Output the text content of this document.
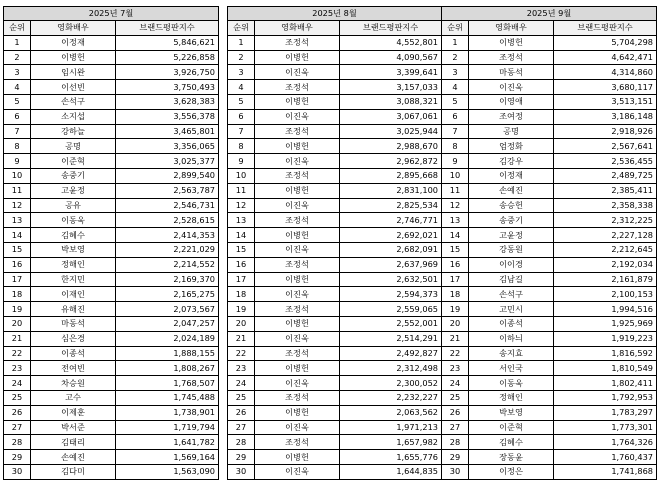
2025년 7월		
순위	영화배우	브랜드평판지수
1	이정재	5,846,621
2	이병헌	5,226,858
3	임시완	3,926,750
4	이선빈	3,750,493
5	손석구	3,628,383
6	소지섭	3,556,378
7	강하늘	3,465,801
8	공명	3,356,065
9	이준혁	3,025,377
10	송중기	2,899,540
11	고윤정	2,563,787
12	공유	2,546,731
13	이동욱	2,528,615
14	김혜수	2,414,353
15	박보영	2,221,029
16	정해인	2,214,552
17	한지민	2,169,370
18	이재인	2,165,275
19	유해진	2,073,567
20	마동석	2,047,257
21	심은경	2,024,189
22	이종석	1,888,155
23	전여빈	1,808,267
24	차승원	1,768,507
25	고수	1,745,488
26	이제훈	1,738,901
27	박서준	1,719,794
28	김태리	1,641,782
29	손예진	1,569,164
30	김다미	1,563,090
2025년 8월		
순위	영화배우	브랜드평판지수
1	조정석	4,552,801
2	이병헌	4,090,567
3	이진욱	3,399,641
4	조정석	3,157,033
5	이병헌	3,088,321
6	이진욱	3,067,061
7	조정석	3,025,944
8	이병헌	2,988,670
9	이진욱	2,962,872
10	조정석	2,895,668
11	이병헌	2,831,100
12	이진욱	2,825,534
13	조정석	2,746,771
14	이병헌	2,692,021
15	이진욱	2,682,091
16	조정석	2,637,969
17	이병헌	2,632,501
18	이진욱	2,594,373
19	조정석	2,559,065
20	이병헌	2,552,001
21	이진욱	2,514,291
22	조정석	2,492,827
23	이병헌	2,312,498
24	이진욱	2,300,052
25	조정석	2,232,227
26	이병헌	2,063,562
27	이진욱	1,971,213
28	조정석	1,657,982
29	이병헌	1,655,776
30	이진욱	1,644,835
2025년 9월		
순위	영화배우	브랜드평판지수
1	이병헌	5,704,298
2	조정석	4,642,471
3	마동석	4,314,860
4	이진욱	3,680,117
5	이영애	3,513,151
6	조여정	3,186,148
7	공명	2,918,926
8	엄정화	2,567,641
9	김강우	2,536,455
10	이정재	2,489,725
11	손예진	2,385,411
12	송승헌	2,358,338
13	송중기	2,312,225
14	고윤정	2,227,128
15	강동원	2,212,645
16	이이경	2,192,034
17	김남길	2,161,879
18	손석구	2,100,153
19	고민시	1,994,516
20	이종석	1,925,969
21	이하늬	1,919,223
22	송지효	1,816,592
23	서인국	1,810,549
24	이동욱	1,802,411
25	정해인	1,792,953
26	박보영	1,783,297
27	이준혁	1,773,301
28	김혜수	1,764,326
29	장동윤	1,760,437
30	이정은	1,741,868
